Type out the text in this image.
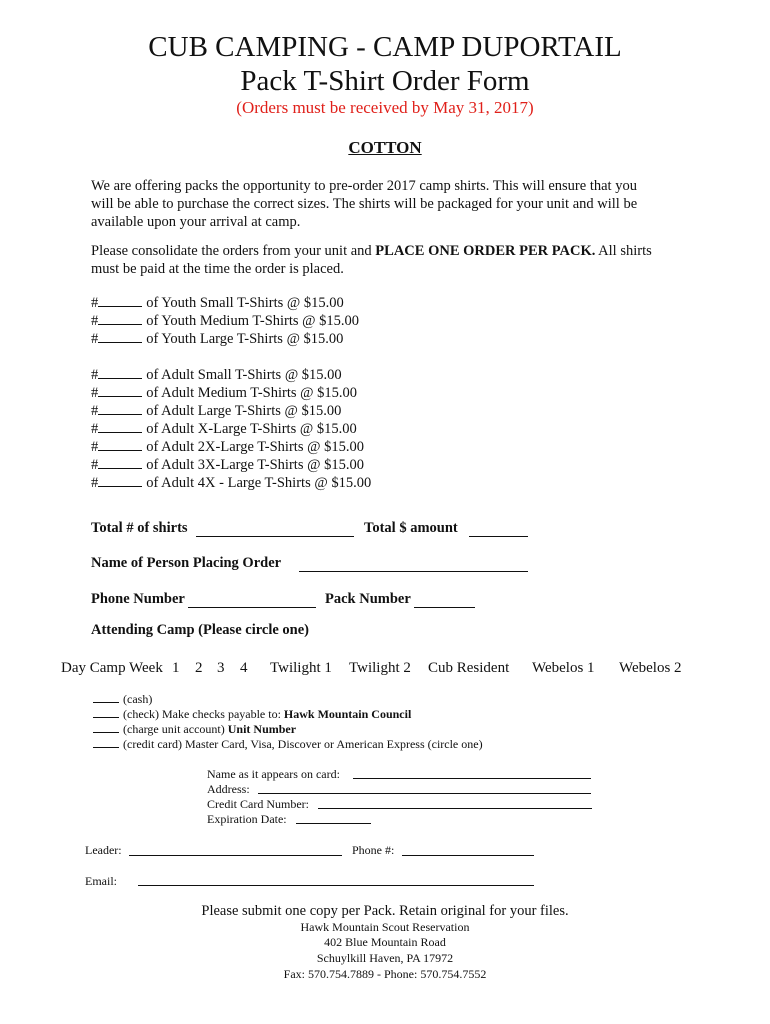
CUB CAMPING - CAMP DUPORTAIL
Pack T-Shirt Order Form
(Orders must be received by May 31, 2017)
COTTON
We are offering packs the opportunity to pre-order 2017 camp shirts. This will ensure that you will be able to purchase the correct sizes. The shirts will be packaged for your unit and will be available upon your arrival at camp.
Please consolidate the orders from your unit and PLACE ONE ORDER PER PACK. All shirts must be paid at the time the order is placed.
#	of Youth Small T-Shirts @ $15.00
#	of Youth Medium T-Shirts @ $15.00
#	of Youth Large T-Shirts @ $15.00
#	of Adult Small T-Shirts @ $15.00
#	of Adult Medium T-Shirts @ $15.00
#	of Adult Large T-Shirts @ $15.00
#	of Adult X-Large T-Shirts @ $15.00
#	of Adult 2X-Large T-Shirts @ $15.00
#	of Adult 3X-Large T-Shirts @ $15.00
#	of Adult 4X - Large T-Shirts @ $15.00
Total # of shirts	Total $ amount
Name of Person Placing Order
Phone Number	Pack Number
Attending Camp (Please circle one)
Day Camp Week 1 2 3 4 Twilight 1 Twilight 2 Cub Resident Webelos 1 Webelos 2
(cash)
(check) Make checks payable to: Hawk Mountain Council
(charge unit account) Unit Number
(credit card) Master Card, Visa, Discover or American Express (circle one)
Name as it appears on card:
Address:
Credit Card Number:
Expiration Date:
Leader:	Phone #:
Email:
Please submit one copy per Pack. Retain original for your files.
Hawk Mountain Scout Reservation
402 Blue Mountain Road
Schuylkill Haven, PA 17972
Fax: 570.754.7889 - Phone: 570.754.7552
